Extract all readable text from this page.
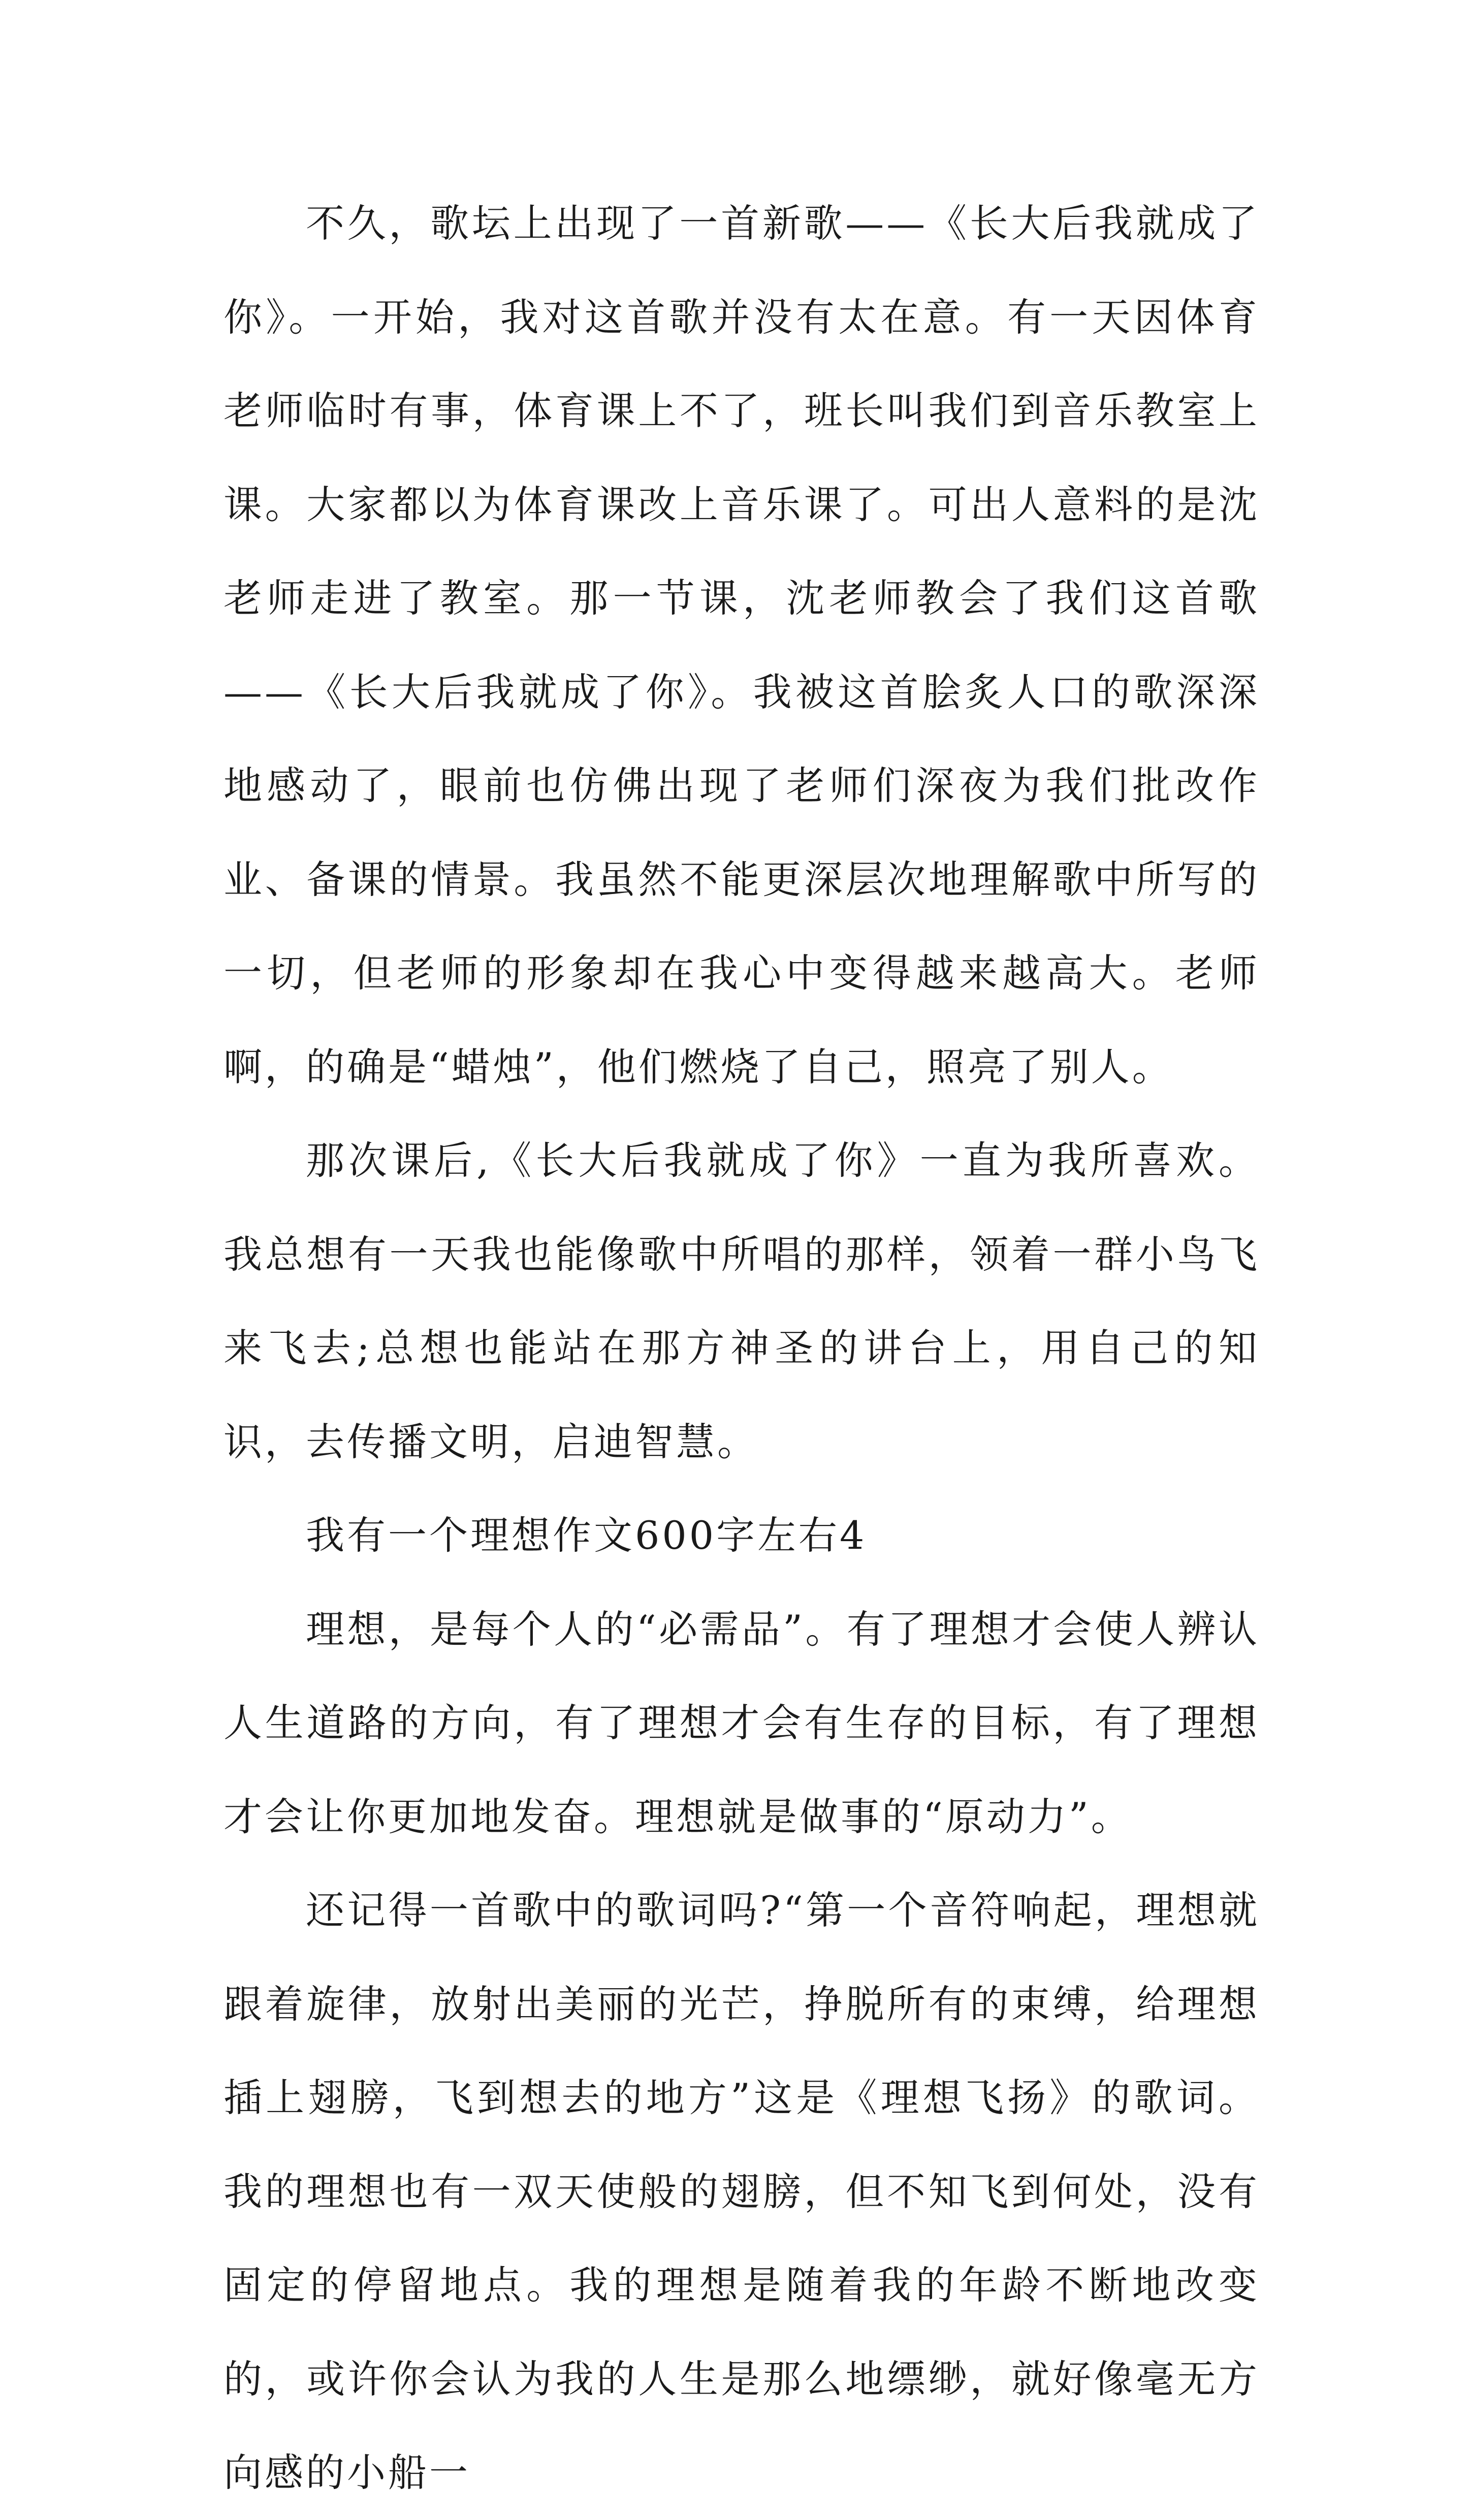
不久，歌坛上出现了一首新歌——《长大后我就成了你》。一开始，我对这首歌并没有太在意。有一天因体育老师临时有事，体育课上不了，班长叫我们到音乐教室上课。大家都以为体育课改上音乐课了。可出人意料的是沈老师走进了教室。那一节课，沈老师教会了我们这首歌——《长大后我就成了你》。我被这首脍炙人口的歌深深地感动了，眼前也仿佛出现了老师们深夜为我们批改作业、备课的情景。我虽然不能更深层次地理解歌中所写的一切，但老师的形象却在我心中变得越来越高大。老师啊，的确是“蜡烛”，他们燃烧了自己，照亮了别人。

那次课后,《长大后我就成了你》一直为我所喜欢。我总想有一天我也能像歌中所唱的那样，领着一群小鸟飞来飞去;总想也能站在那方神圣的讲台上，用自己的知识，去传播文明，启迪智慧。

我有一个理想作文600字左右4

理想，是每个人的“必需品”。有了理想才会使人辨认人生道路的方向，有了理想才会有生存的目标，有了理想才会让你更加地发奋。理想就是做事的“原动力”。

还记得一首歌中的歌词吗?“第一个音符响起，理想就跟着旋律，放射出美丽的光芒，挣脱所有的束缚，给理想插上翅膀，飞到想去的地方”这是《理想飞扬》的歌词。我的理想也有一双天使般的翅膀，但不知飞到何处，没有固定的停留地点。我的理想是随着我的年龄不断地改变的，或许你会认为我的人生是那么地缥缈，就好像毫无方向感的小船一
